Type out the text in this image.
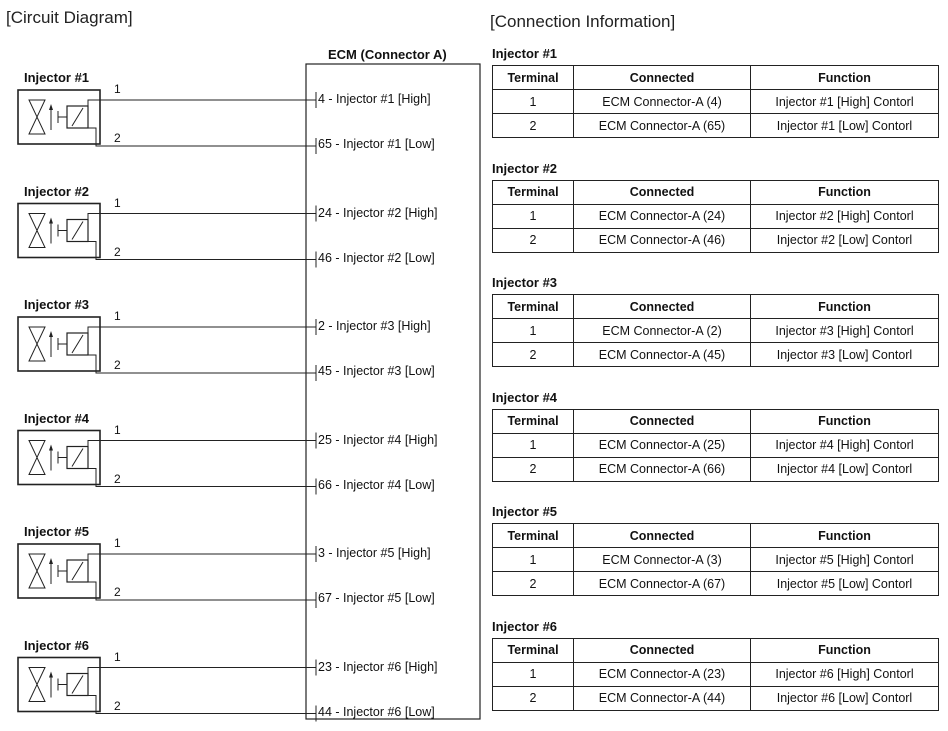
[Circuit Diagram]	[Connection Information]
ECM (Connector A)
Injector #1
1
2
4 - Injector #1 [High]
65 - Injector #1 [Low]
Injector #2
1
2
24 - Injector #2 [High]
46 - Injector #2 [Low]
Injector #3
1
2
2 - Injector #3 [High]
45 - Injector #3 [Low]
Injector #4
1
2
25 - Injector #4 [High]
66 - Injector #4 [Low]
Injector #5
1
2
3 - Injector #5 [High]
67 - Injector #5 [Low]
Injector #6
1
2
23 - Injector #6 [High]
44 - Injector #6 [Low]
Injector #1
Terminal	Connected	Function
1	ECM Connector-A (4)	Injector #1 [High] Contorl
2	ECM Connector-A (65)	Injector #1 [Low] Contorl
Injector #2
Terminal	Connected	Function
1	ECM Connector-A (24)	Injector #2 [High] Contorl
2	ECM Connector-A (46)	Injector #2 [Low] Contorl
Injector #3
Terminal	Connected	Function
1	ECM Connector-A (2)	Injector #3 [High] Contorl
2	ECM Connector-A (45)	Injector #3 [Low] Contorl
Injector #4
Terminal	Connected	Function
1	ECM Connector-A (25)	Injector #4 [High] Contorl
2	ECM Connector-A (66)	Injector #4 [Low] Contorl
Injector #5
Terminal	Connected	Function
1	ECM Connector-A (3)	Injector #5 [High] Contorl
2	ECM Connector-A (67)	Injector #5 [Low] Contorl
Injector #6
Terminal	Connected	Function
1	ECM Connector-A (23)	Injector #6 [High] Contorl
2	ECM Connector-A (44)	Injector #6 [Low] Contorl
